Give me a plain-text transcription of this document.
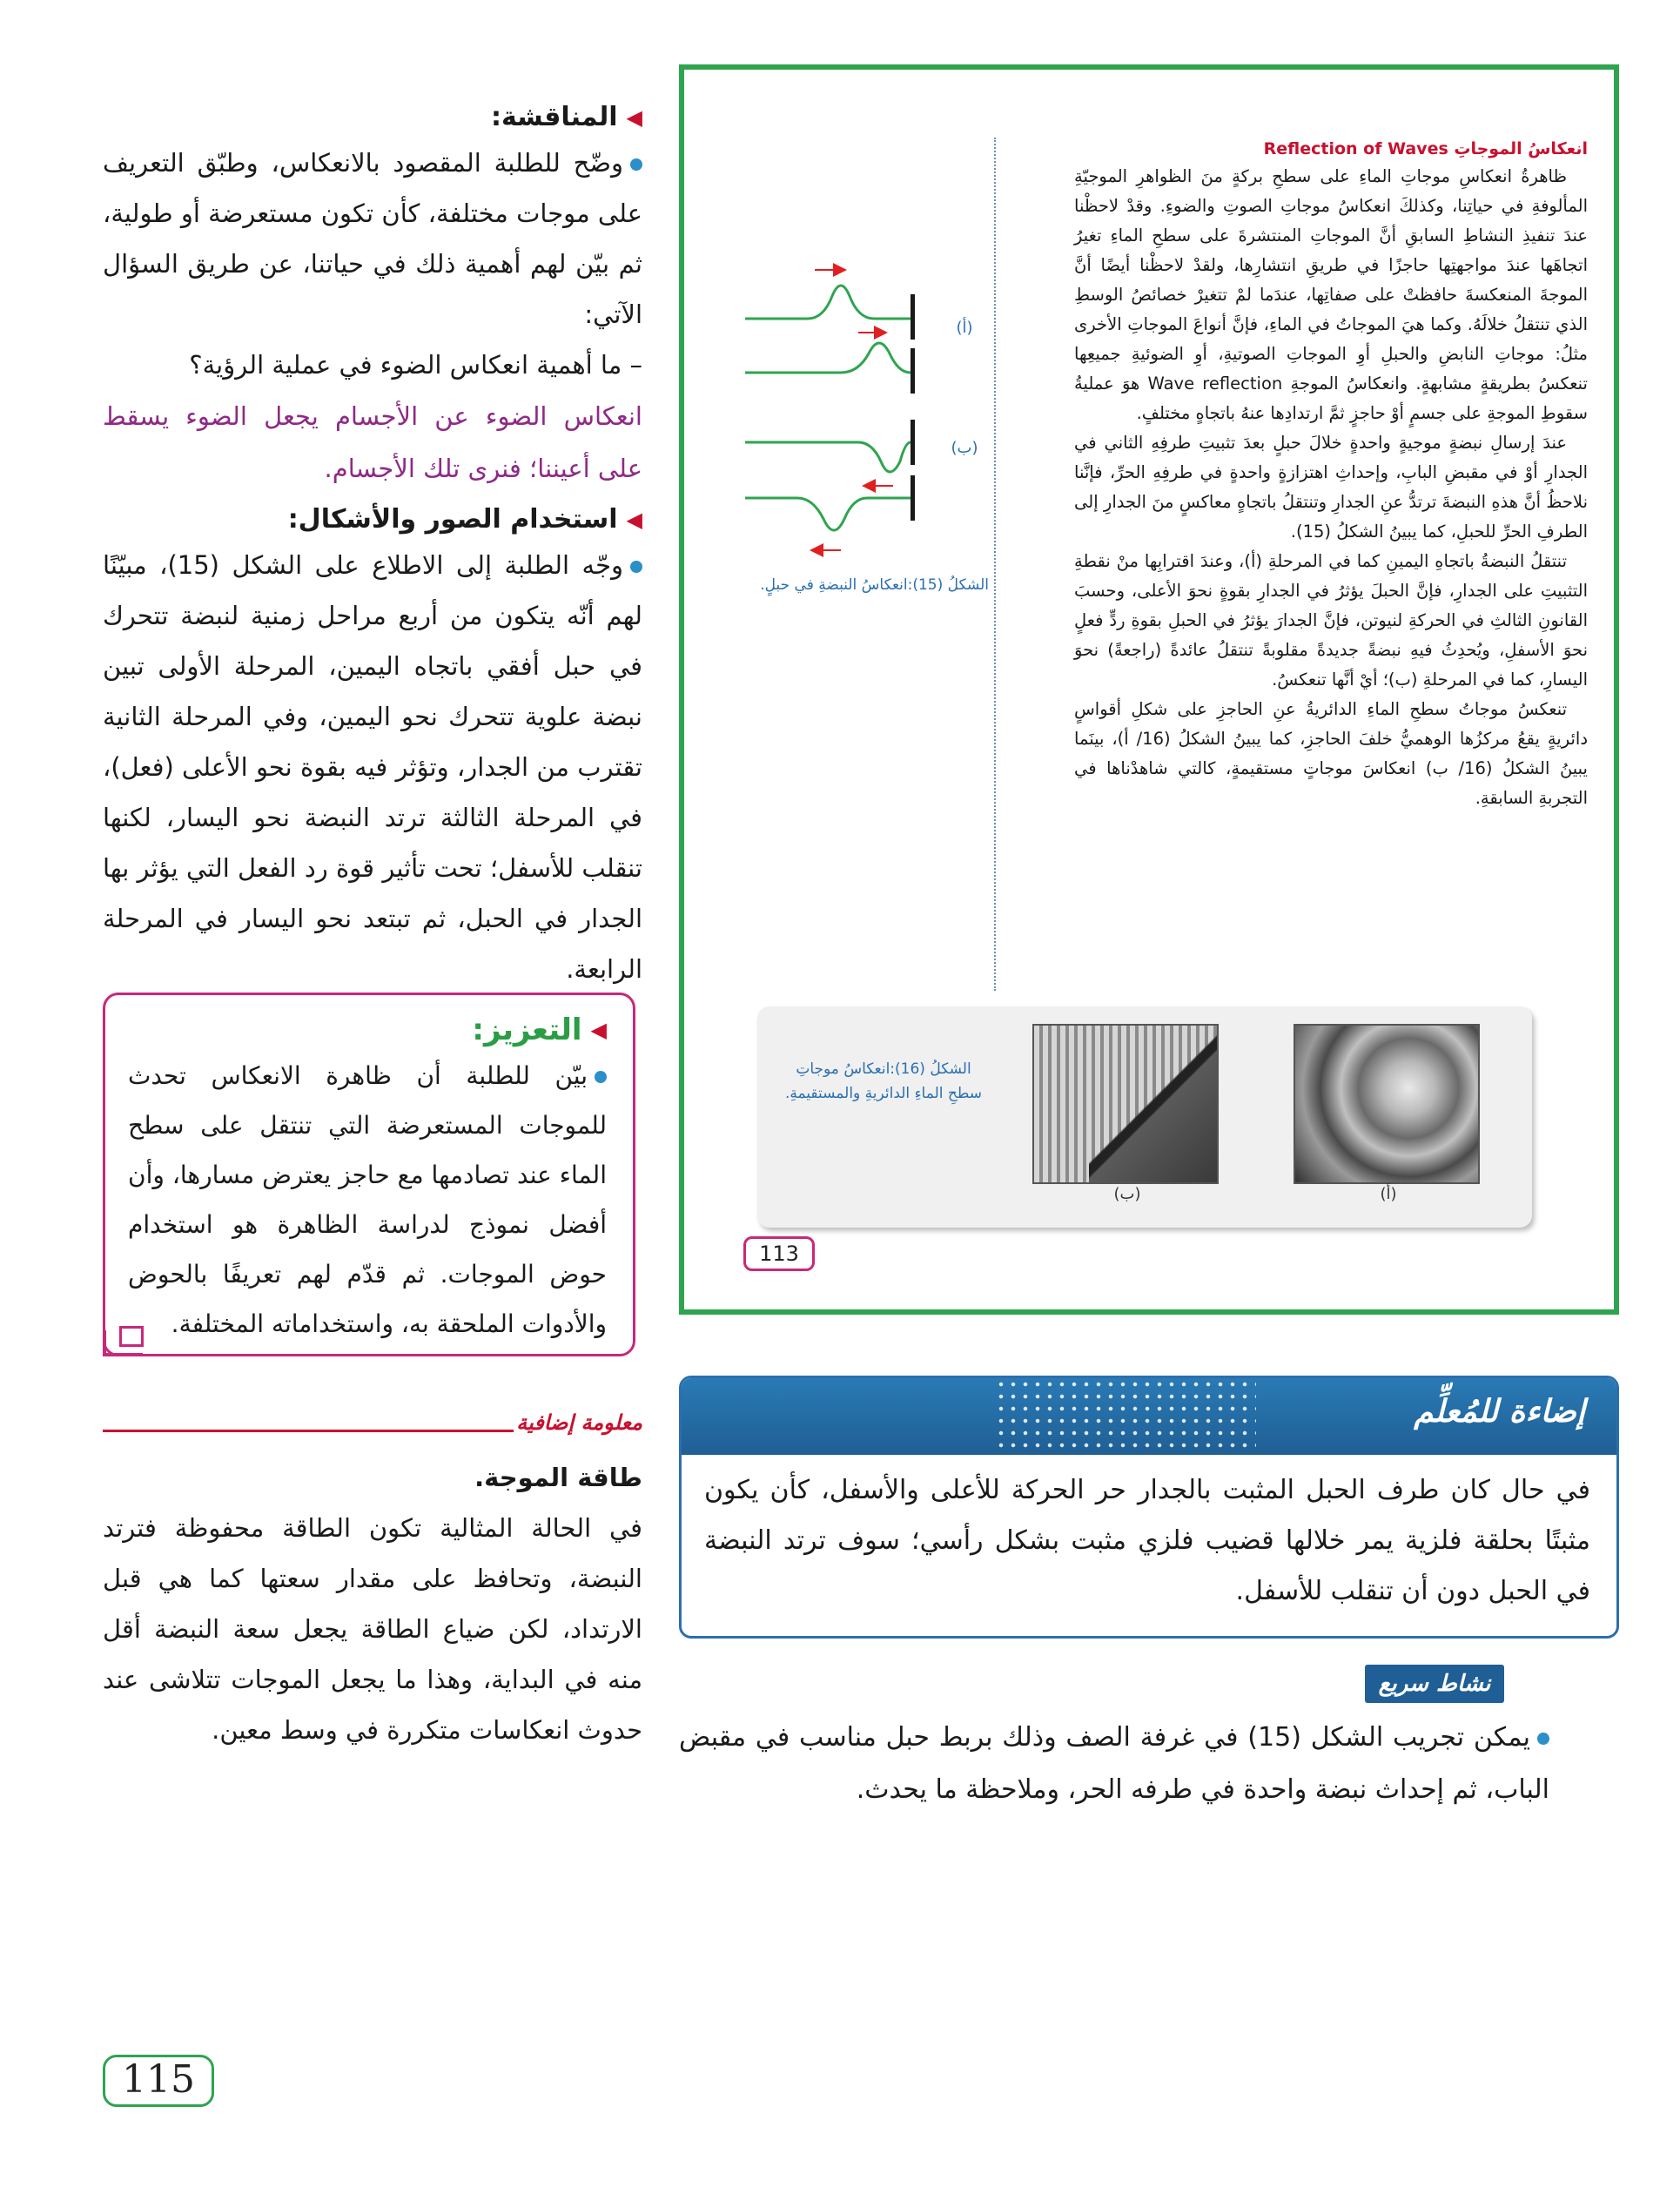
◀
المناقشة:

وضّح للطلبة المقصود بالانعكاس، وطبّق التعريف على موجات مختلفة، كأن تكون مستعرضة أو طولية، ثم بيّن لهم أهمية ذلك في حياتنا، عن طريق السؤال الآتي:

– ما أهمية انعكاس الضوء في عملية الرؤية؟

انعكاس الضوء عن الأجسام يجعل الضوء يسقط على أعيننا؛ فنرى تلك الأجسام.

◀
استخدام الصور والأشكال:

وجّه الطلبة إلى الاطلاع على الشكل (15)، مبيّنًا لهم أنّه يتكون من أربع مراحل زمنية لنبضة تتحرك في حبل أفقي باتجاه اليمين، المرحلة الأولى تبين نبضة علوية تتحرك نحو اليمين، وفي المرحلة الثانية تقترب من الجدار، وتؤثر فيه بقوة نحو الأعلى (فعل)، في المرحلة الثالثة ترتد النبضة نحو اليسار، لكنها تنقلب للأسفل؛ تحت تأثير قوة رد الفعل التي يؤثر بها الجدار في الحبل، ثم تبتعد نحو اليسار في المرحلة الرابعة.

◀
التعزيز:

بيّن للطلبة أن ظاهرة الانعكاس تحدث للموجات المستعرضة التي تنتقل على سطح الماء عند تصادمها مع حاجز يعترض مسارها، وأن أفضل نموذج لدراسة الظاهرة هو استخدام حوض الموجات. ثم قدّم لهم تعريفًا بالحوض والأدوات الملحقة به، واستخداماته المختلفة.

معلومة إضافية

طاقة الموجة.

في الحالة المثالية تكون الطاقة محفوظة فترتد النبضة، وتحافظ على مقدار سعتها كما هي قبل الارتداد، لكن ضياع الطاقة يجعل سعة النبضة أقل منه في البداية، وهذا ما يجعل الموجات تتلاشى عند حدوث انعكاسات متكررة في وسط معين.

انعكاسُ الموجاتِ Reflection of Waves

ظاهرةُ انعكاسِ موجاتِ الماءِ على سطحِ بركةٍ منَ الظواهرِ الموجيّةِ المألوفةِ في حياتِنا، وكذلكَ انعكاسُ موجاتِ الصوتِ والضوءِ. وقدْ لاحظْنا عندَ تنفيذِ النشاطِ السابقِ أنَّ الموجاتِ المنتشرةَ على سطحِ الماءِ تغيرُ اتجاهَها عندَ مواجهتِها حاجزًا في طريقِ انتشارِها، ولقدْ لاحظْنا أيضًا أنَّ الموجةَ المنعكسةَ حافظتْ على صفاتِها، عندَما لمْ تتغيرْ خصائصُ الوسطِ الذي تنتقلُ خلالَهُ. وكما هيَ الموجاتُ في الماءِ، فإنَّ أنواعَ الموجاتِ الأخرى مثلُ: موجاتِ النابضِ والحبلِ أوِ الموجاتِ الصوتيةِ، أوِ الضوئيةِ جميعِها تنعكسُ بطريقةٍ مشابهةٍ. وانعكاسُ الموجةِ Wave reflection هوَ عمليةُ سقوطِ الموجةِ على جسمٍ أوْ حاجزٍ ثمَّ ارتدادِها عنهُ باتجاهٍ مختلفٍ.

عندَ إرسالِ نبضةٍ موجيةٍ واحدةٍ خلالَ حبلٍ بعدَ تثبيتِ طرفِهِ الثاني في الجدارِ أوْ في مقبضِ البابِ، وإحداثِ اهتزازةٍ واحدةٍ في طرفِهِ الحرِّ، فإنَّنا نلاحظُ أنَّ هذهِ النبضةَ ترتدُّ عنِ الجدارِ وتنتقلُ باتجاهٍ معاكسٍ منَ الجدارِ إلى الطرفِ الحرِّ للحبلِ، كما يبينُ الشكلُ (15).

تنتقلُ النبضةُ باتجاهِ اليمينِ كما في المرحلةِ (أ)، وعندَ اقترابِها منْ نقطةِ التثبيتِ على الجدارِ، فإنَّ الحبلَ يؤثرُ في الجدارِ بقوةٍ نحوَ الأعلى، وحسبَ القانونِ الثالثِ في الحركةِ لنيوتن، فإنَّ الجدارَ يؤثرُ في الحبلِ بقوةِ ردٍّ فعلٍ نحوَ الأسفلِ، ويُحدِثُ فيهِ نبضةً جديدةً مقلوبةً تنتقلُ عائدةً (راجعةً) نحوَ اليسارِ، كما في المرحلةِ (ب)؛ أيْ أنَّها تنعكسُ.

تنعكسُ موجاتُ سطحِ الماءِ الدائريةُ عنِ الحاجزِ على شكلِ أقواسٍ دائريةٍ يقعُ مركزُها الوهميُّ خلفَ الحاجزِ، كما يبينُ الشكلُ (16/ أ)، بينَما يبينُ الشكلُ (16/ ب) انعكاسَ موجاتٍ مستقيمةٍ، كالتي شاهدْناها في التجربةِ السابقةِ.

(أ)
(ب)
الشكلُ (15):انعكاسُ النبضةِ في حبلٍ.
(أ)
(ب)
الشكلُ (16):انعكاسُ موجاتِ سطحِ الماءِ الدائريةِ والمستقيمةِ.
113
إضاءة للمُعلِّم

في حال كان طرف الحبل المثبت بالجدار حر الحركة للأعلى والأسفل، كأن يكون مثبتًا بحلقة فلزية يمر خلالها قضيب فلزي مثبت بشكل رأسي؛ سوف ترتد النبضة في الحبل دون أن تنقلب للأسفل.

نشاط سريع

يمكن تجريب الشكل (15) في غرفة الصف وذلك بربط حبل مناسب في مقبض الباب، ثم إحداث نبضة واحدة في طرفه الحر، وملاحظة ما يحدث.

115
